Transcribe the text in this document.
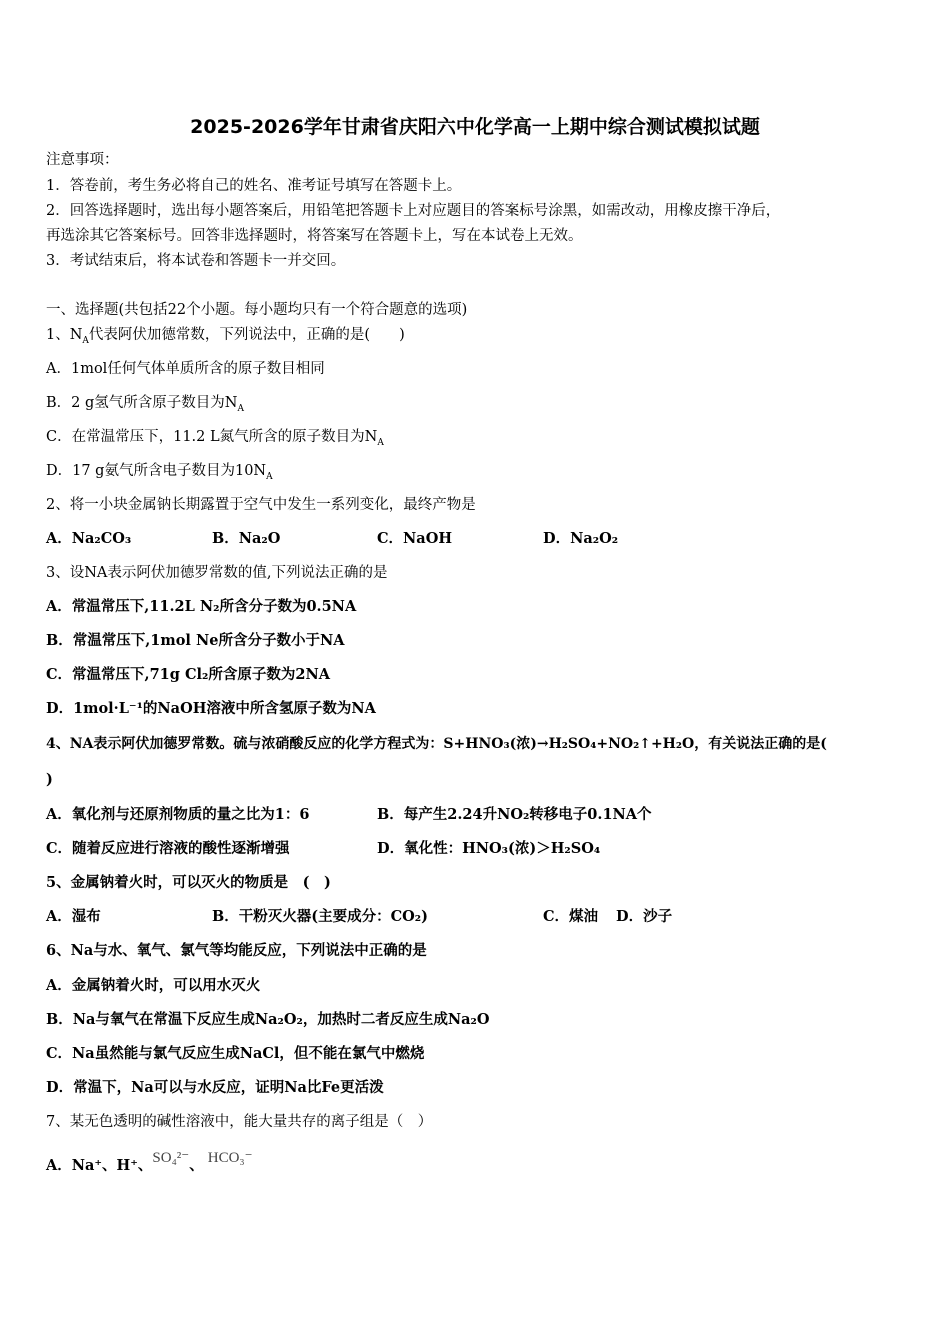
2025-2026学年甘肃省庆阳六中化学高一上期中综合测试模拟试题
注意事项：
1．答卷前，考生务必将自己的姓名、准考证号填写在答题卡上。
2．回答选择题时，选出每小题答案后，用铅笔把答题卡上对应题目的答案标号涂黑，如需改动，用橡皮擦干净后，
再选涂其它答案标号。回答非选择题时，将答案写在答题卡上，写在本试卷上无效。
3．考试结束后，将本试卷和答题卡一并交回。
一、选择题(共包括22个小题。每小题均只有一个符合题意的选项)
1、$N_A$代表阿伏加德常数，下列说法中，正确的是(　　)
A．1mol任何气体单质所含的原子数目相同
B．2 g氢气所含原子数目为$N_A$
C．在常温常压下，11.2 L氮气所含的原子数目为$N_A$
D．17 g氨气所含电子数目为$10N_A$
2、将一小块金属钠长期露置于空气中发生一系列变化，最终产物是
A．Na₂CO₃	B．Na₂O	C．NaOH	D．Na₂O₂
3、设NA表示阿伏加德罗常数的值,下列说法正确的是
A．常温常压下,11.2L N₂所含分子数为0.5NA
B．常温常压下,1mol Ne所含分子数小于NA
C．常温常压下,71g Cl₂所含原子数为2NA
D．1mol·L⁻¹的NaOH溶液中所含氢原子数为NA
4、NA表示阿伏加德罗常数。硫与浓硝酸反应的化学方程式为：S+HNO₃(浓)→H₂SO₄+NO₂↑+H₂O，有关说法正确的是(
)
A．氧化剂与还原剂物质的量之比为1：6	B．每产生2.24升NO₂转移电子0.1NA个
C．随着反应进行溶液的酸性逐渐增强	D．氧化性：HNO₃(浓)＞H₂SO₄
5、金属钠着火时，可以灭火的物质是　(　)
A．湿布	B．干粉灭火器(主要成分：CO₂)	C．煤油 D．沙子
6、Na与水、氧气、氯气等均能反应，下列说法中正确的是
A．金属钠着火时，可以用水灭火
B．Na与氧气在常温下反应生成Na₂O₂，加热时二者反应生成Na₂O
C．Na虽然能与氯气反应生成NaCl，但不能在氯气中燃烧
D．常温下，Na可以与水反应，证明Na比Fe更活泼
7、某无色透明的碱性溶液中，能大量共存的离子组是（　）
A．Na⁺、H⁺、SO₄²⁻、 HCO₃⁻
